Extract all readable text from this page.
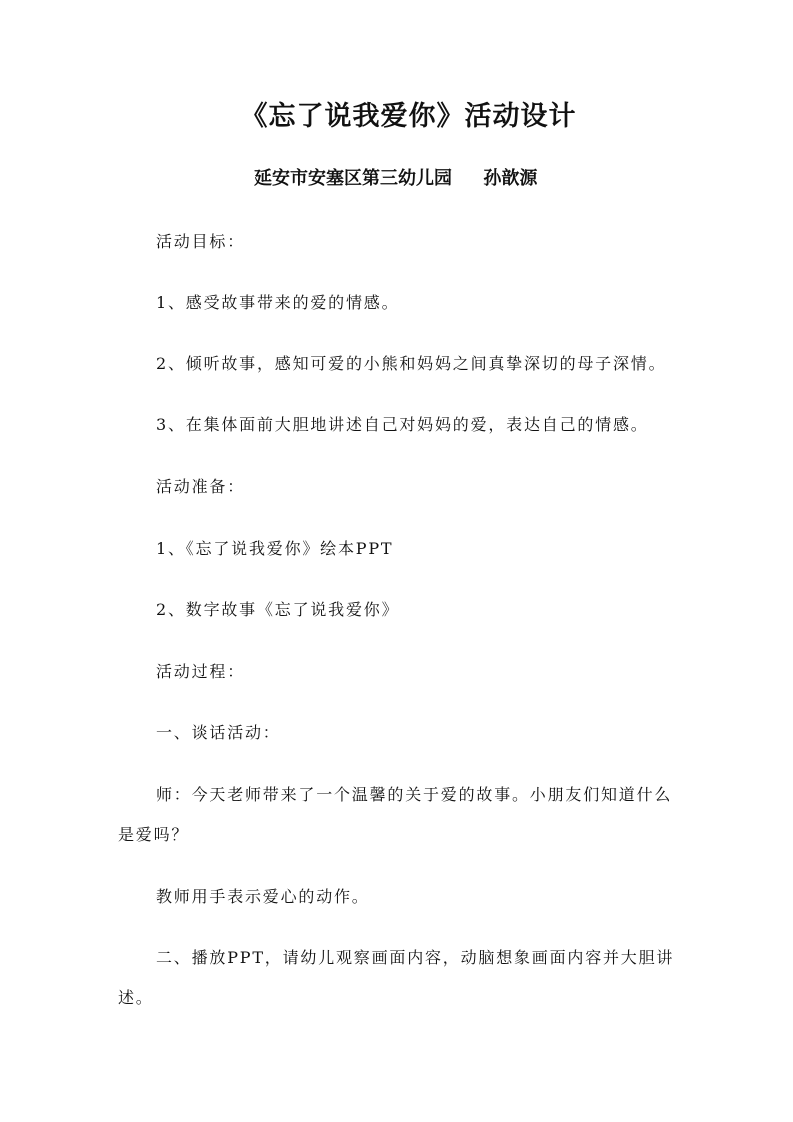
《忘了说我爱你》活动设计
延安市安塞区第三幼儿园     孙歆源
活动目标：
1、感受故事带来的爱的情感。
2、倾听故事，感知可爱的小熊和妈妈之间真挚深切的母子深情。
3、在集体面前大胆地讲述自己对妈妈的爱，表达自己的情感。
活动准备：
1、《忘了说我爱你》绘本PPT
2、数字故事《忘了说我爱你》
活动过程：
一、谈话活动：
师：今天老师带来了一个温馨的关于爱的故事。小朋友们知道什么是爱吗？
教师用手表示爱心的动作。
二、播放PPT，请幼儿观察画面内容，动脑想象画面内容并大胆讲述。
